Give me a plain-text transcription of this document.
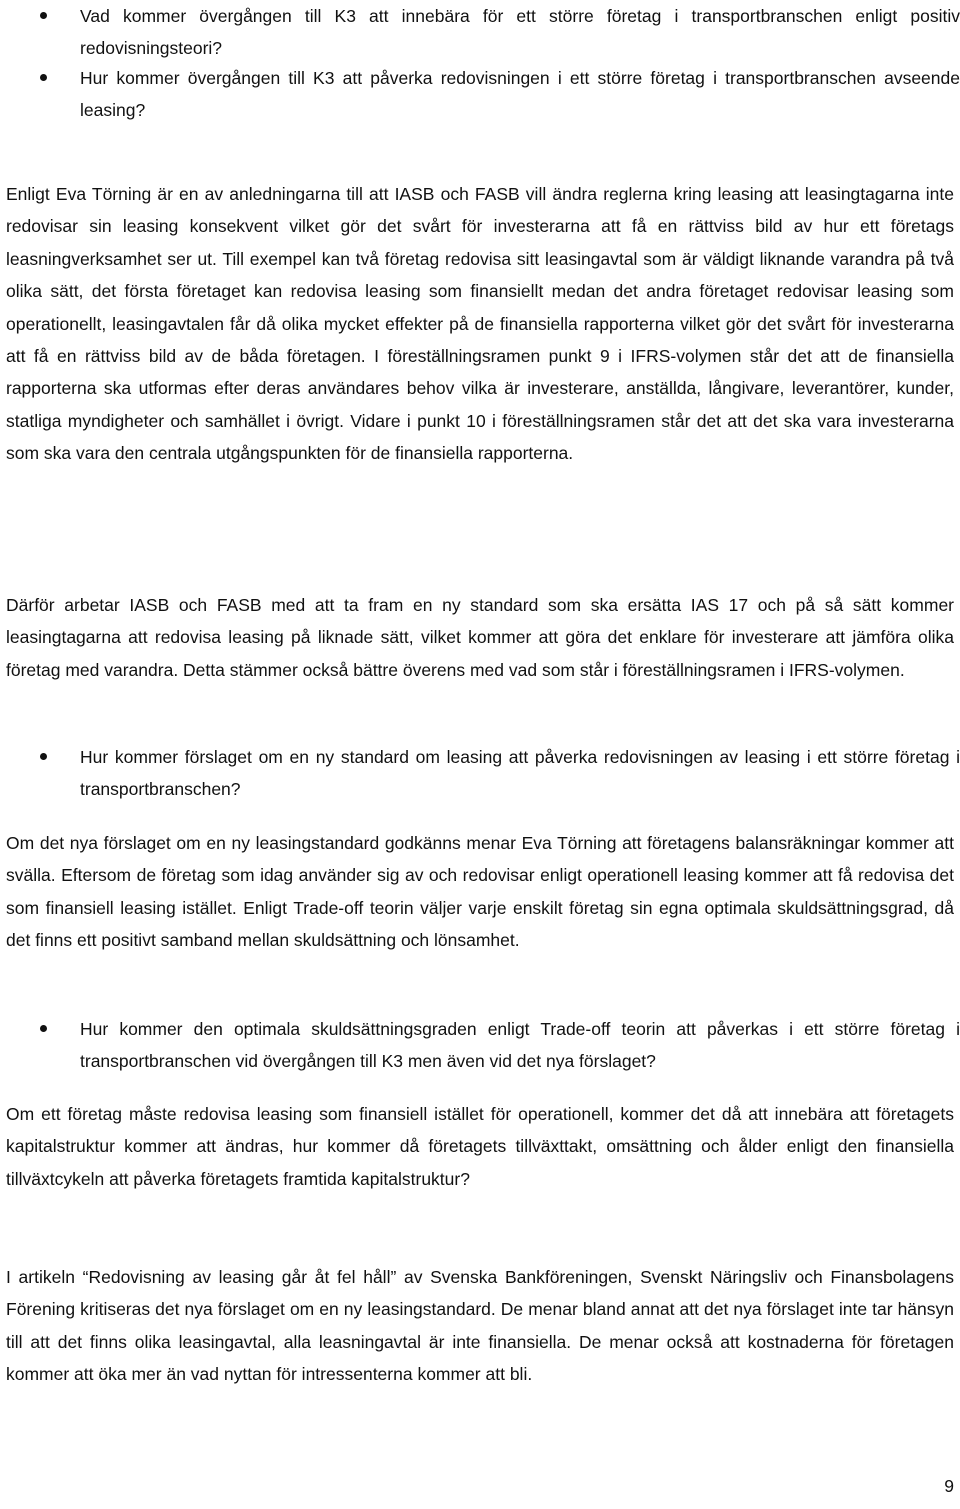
Vad kommer övergången till K3 att innebära för ett större företag i transportbranschen enligt positiv redovisningsteori?

Hur kommer övergången till K3 att påverka redovisningen i ett större företag i transportbranschen avseende leasing?

Enligt Eva Törning är en av anledningarna till att IASB och FASB vill ändra reglerna kring leasing att leasingtagarna inte redovisar sin leasing konsekvent vilket gör det svårt för investerarna att få en rättviss bild av hur ett företags leasningverksamhet ser ut. Till exempel kan två företag redovisa sitt leasingavtal som är väldigt liknande varandra på två olika sätt, det första företaget kan redovisa leasing som finansiellt medan det andra företaget redovisar leasing som operationellt, leasingavtalen får då olika mycket effekter på de finansiella rapporterna vilket gör det svårt för investerarna att få en rättviss bild av de båda företagen. I föreställningsramen punkt 9 i IFRS-volymen står det att de finansiella rapporterna ska utformas efter deras användares behov vilka är investerare, anställda, långivare, leverantörer, kunder, statliga myndigheter och samhället i övrigt. Vidare i punkt 10 i föreställningsramen står det att det ska vara investerarna som ska vara den centrala utgångspunkten för de finansiella rapporterna.

Därför arbetar IASB och FASB med att ta fram en ny standard som ska ersätta IAS 17 och på så sätt kommer leasingtagarna att redovisa leasing på liknade sätt, vilket kommer att göra det enklare för investerare att jämföra olika företag med varandra. Detta stämmer också bättre överens med vad som står i föreställningsramen i IFRS-volymen.

Hur kommer förslaget om en ny standard om leasing att påverka redovisningen av leasing i ett större företag i transportbranschen?

Om det nya förslaget om en ny leasingstandard godkänns menar Eva Törning att företagens balansräkningar kommer att svälla. Eftersom de företag som idag använder sig av och redovisar enligt operationell leasing kommer att få redovisa det som finansiell leasing istället. Enligt Trade-off teorin väljer varje enskilt företag sin egna optimala skuldsättningsgrad, då det finns ett positivt samband mellan skuldsättning och lönsamhet.

Hur kommer den optimala skuldsättningsgraden enligt Trade-off teorin att påverkas i ett större företag i transportbranschen vid övergången till K3 men även vid det nya förslaget?

Om ett företag måste redovisa leasing som finansiell istället för operationell, kommer det då att innebära att företagets kapitalstruktur kommer att ändras, hur kommer då företagets tillväxttakt, omsättning och ålder enligt den finansiella tillväxtcykeln att påverka företagets framtida kapitalstruktur?

I artikeln “Redovisning av leasing går åt fel håll” av Svenska Bankföreningen, Svenskt Näringsliv och Finansbolagens Förening kritiseras det nya förslaget om en ny leasingstandard. De menar bland annat att det nya förslaget inte tar hänsyn till att det finns olika leasingavtal, alla leasningavtal är inte finansiella. De menar också att kostnaderna för företagen kommer att öka mer än vad nyttan för intressenterna kommer att bli.

9
